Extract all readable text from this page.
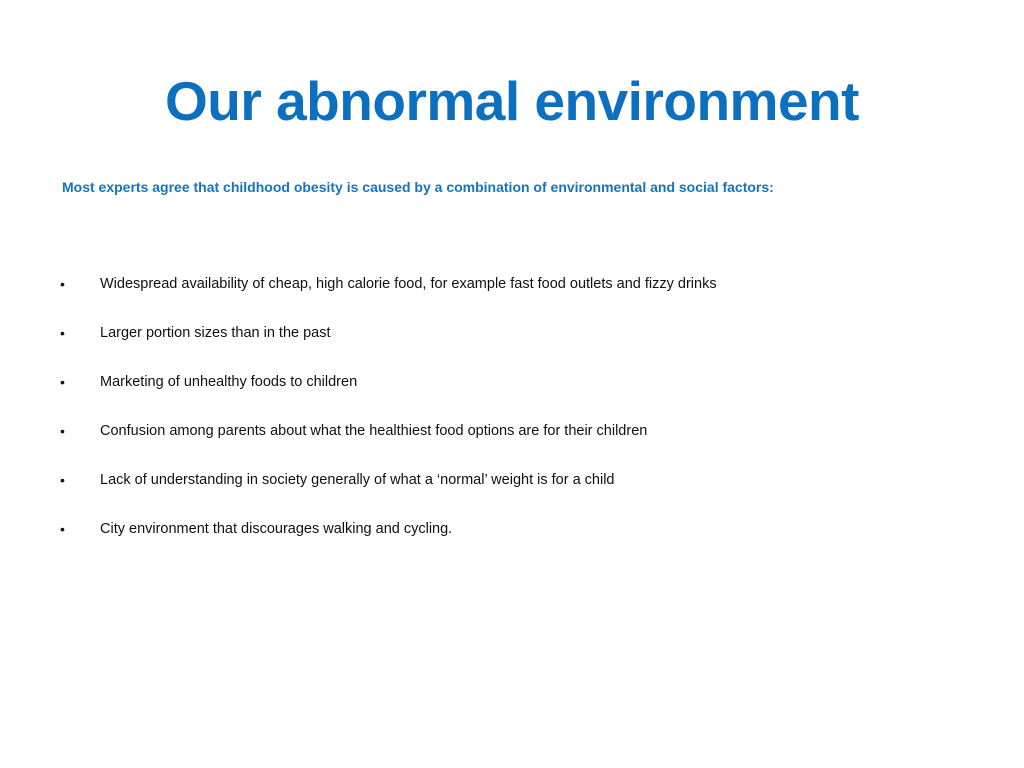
Our abnormal environment

Most experts agree that childhood obesity is caused by a combination of environmental and social factors:

•	Widespread availability of cheap, high calorie food, for example fast food outlets and fizzy drinks
•	Larger portion sizes than in the past
•	Marketing of unhealthy foods to children
•	Confusion among parents about what the healthiest food options are for their children
•	Lack of understanding in society generally of what a ‘normal’ weight is for a child
•	City environment that discourages walking and cycling.
